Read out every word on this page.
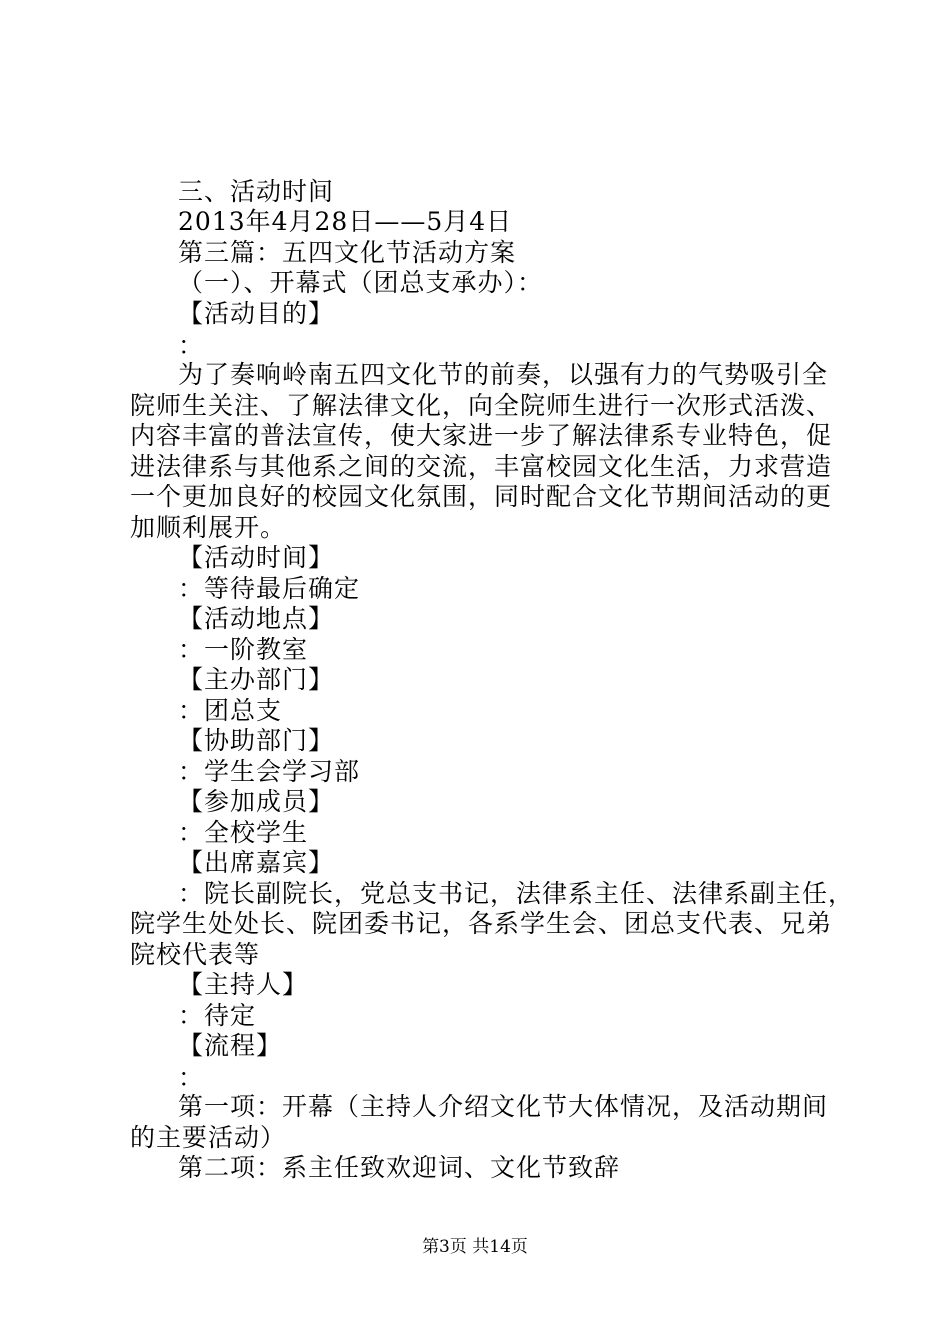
三、活动时间
2013年4月28日——5月4日
第三篇：五四文化节活动方案
（一）、开幕式（团总支承办）：
【活动目的】
：
为了奏响岭南五四文化节的前奏，以强有力的气势吸引全
院师生关注、了解法律文化，向全院师生进行一次形式活泼、
内容丰富的普法宣传，使大家进一步了解法律系专业特色，促
进法律系与其他系之间的交流，丰富校园文化生活，力求营造
一个更加良好的校园文化氛围，同时配合文化节期间活动的更
加顺利展开。
【活动时间】
：等待最后确定
【活动地点】
：一阶教室
【主办部门】
：团总支
【协助部门】
：学生会学习部
【参加成员】
：全校学生
【出席嘉宾】
：院长副院长，党总支书记，法律系主任、法律系副主任，
院学生处处长、院团委书记，各系学生会、团总支代表、兄弟
院校代表等
【主持人】
：待定
【流程】
：
第一项：开幕（主持人介绍文化节大体情况，及活动期间
的主要活动）
第二项：系主任致欢迎词、文化节致辞
第3页 共14页
